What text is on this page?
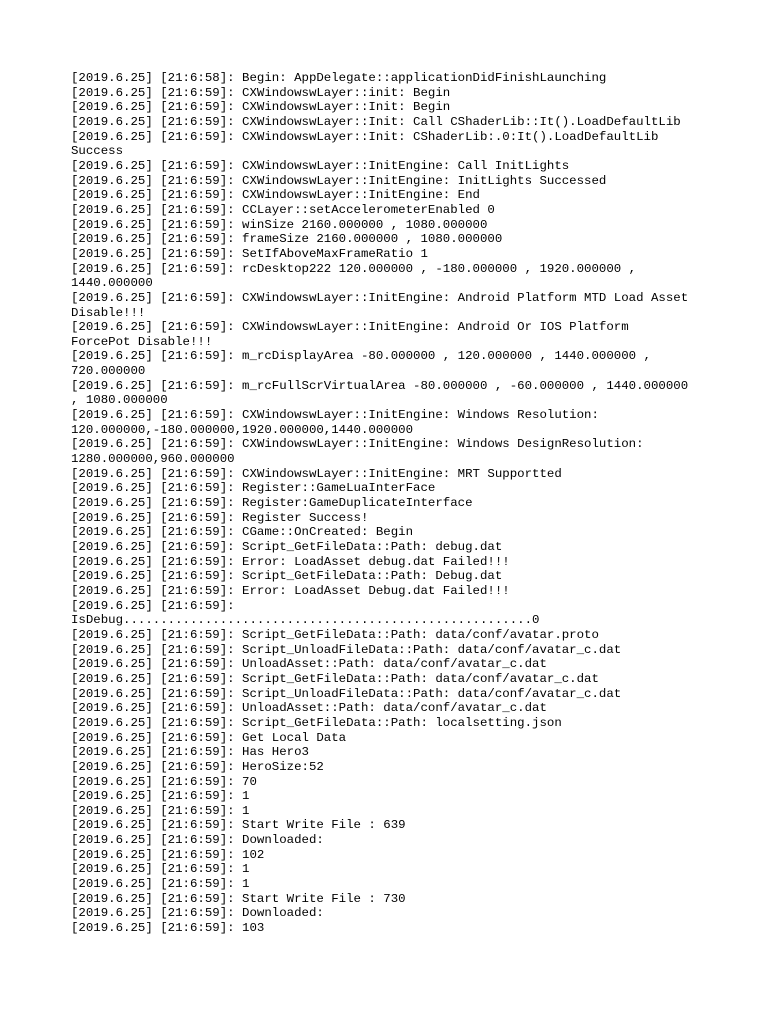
[2019.6.25] [21:6:58]: Begin: AppDelegate::applicationDidFinishLaunching
[2019.6.25] [21:6:59]: CXWindowswLayer::init: Begin
[2019.6.25] [21:6:59]: CXWindowswLayer::Init: Begin
[2019.6.25] [21:6:59]: CXWindowswLayer::Init: Call CShaderLib::It().LoadDefaultLib
[2019.6.25] [21:6:59]: CXWindowswLayer::Init: CShaderLib:.0:It().LoadDefaultLib
Success
[2019.6.25] [21:6:59]: CXWindowswLayer::InitEngine: Call InitLights
[2019.6.25] [21:6:59]: CXWindowswLayer::InitEngine: InitLights Successed
[2019.6.25] [21:6:59]: CXWindowswLayer::InitEngine: End
[2019.6.25] [21:6:59]: CCLayer::setAccelerometerEnabled 0
[2019.6.25] [21:6:59]: winSize 2160.000000 , 1080.000000
[2019.6.25] [21:6:59]: frameSize 2160.000000 , 1080.000000
[2019.6.25] [21:6:59]: SetIfAboveMaxFrameRatio 1
[2019.6.25] [21:6:59]: rcDesktop222 120.000000 , -180.000000 , 1920.000000 ,
1440.000000
[2019.6.25] [21:6:59]: CXWindowswLayer::InitEngine: Android Platform MTD Load Asset
Disable!!!
[2019.6.25] [21:6:59]: CXWindowswLayer::InitEngine: Android Or IOS Platform
ForcePot Disable!!!
[2019.6.25] [21:6:59]: m_rcDisplayArea -80.000000 , 120.000000 , 1440.000000 ,
720.000000
[2019.6.25] [21:6:59]: m_rcFullScrVirtualArea -80.000000 , -60.000000 , 1440.000000
, 1080.000000
[2019.6.25] [21:6:59]: CXWindowswLayer::InitEngine: Windows Resolution:
120.000000,-180.000000,1920.000000,1440.000000
[2019.6.25] [21:6:59]: CXWindowswLayer::InitEngine: Windows DesignResolution:
1280.000000,960.000000
[2019.6.25] [21:6:59]: CXWindowswLayer::InitEngine: MRT Supportted
[2019.6.25] [21:6:59]: Register::GameLuaInterFace
[2019.6.25] [21:6:59]: Register:GameDuplicateInterface
[2019.6.25] [21:6:59]: Register Success!
[2019.6.25] [21:6:59]: CGame::OnCreated: Begin
[2019.6.25] [21:6:59]: Script_GetFileData::Path: debug.dat
[2019.6.25] [21:6:59]: Error: LoadAsset debug.dat Failed!!!
[2019.6.25] [21:6:59]: Script_GetFileData::Path: Debug.dat
[2019.6.25] [21:6:59]: Error: LoadAsset Debug.dat Failed!!!
[2019.6.25] [21:6:59]:
IsDebug.......................................................0
[2019.6.25] [21:6:59]: Script_GetFileData::Path: data/conf/avatar.proto
[2019.6.25] [21:6:59]: Script_UnloadFileData::Path: data/conf/avatar_c.dat
[2019.6.25] [21:6:59]: UnloadAsset::Path: data/conf/avatar_c.dat
[2019.6.25] [21:6:59]: Script_GetFileData::Path: data/conf/avatar_c.dat
[2019.6.25] [21:6:59]: Script_UnloadFileData::Path: data/conf/avatar_c.dat
[2019.6.25] [21:6:59]: UnloadAsset::Path: data/conf/avatar_c.dat
[2019.6.25] [21:6:59]: Script_GetFileData::Path: localsetting.json
[2019.6.25] [21:6:59]: Get Local Data
[2019.6.25] [21:6:59]: Has Hero3
[2019.6.25] [21:6:59]: HeroSize:52
[2019.6.25] [21:6:59]: 70
[2019.6.25] [21:6:59]: 1
[2019.6.25] [21:6:59]: 1
[2019.6.25] [21:6:59]: Start Write File : 639
[2019.6.25] [21:6:59]: Downloaded:
[2019.6.25] [21:6:59]: 102
[2019.6.25] [21:6:59]: 1
[2019.6.25] [21:6:59]: 1
[2019.6.25] [21:6:59]: Start Write File : 730
[2019.6.25] [21:6:59]: Downloaded:
[2019.6.25] [21:6:59]: 103
